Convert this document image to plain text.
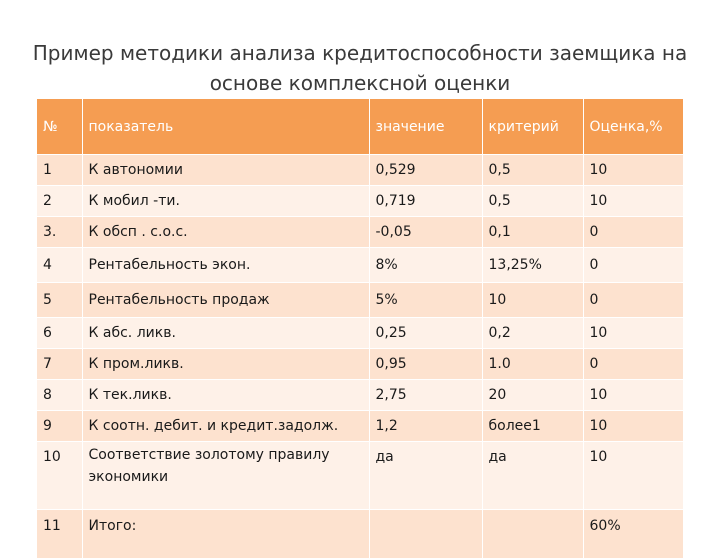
Пример методики анализа кредитоспособности заемщика на
основе комплексной оценки
№	показатель	значение	критерий	Оценка,%
1	К автономии	0,529	0,5	10
2	К мобил -ти.	0,719	0,5	10
3.	К обсп . с.о.с.	-0,05	0,1	0
4	Рентабельность экон.	8%	13,25%	0
5	Рентабельность продаж	5%	10	0
6	К абс. ликв.	0,25	0,2	10
7	К пром.ликв.	0,95	1.0	0
8	К тек.ликв.	2,75	20	10
9	К соотн. дебит. и кредит.задолж.	1,2	более1	10
10	Соответствие золотому правилу экономики	да	да	10
11	Итого:			60%
